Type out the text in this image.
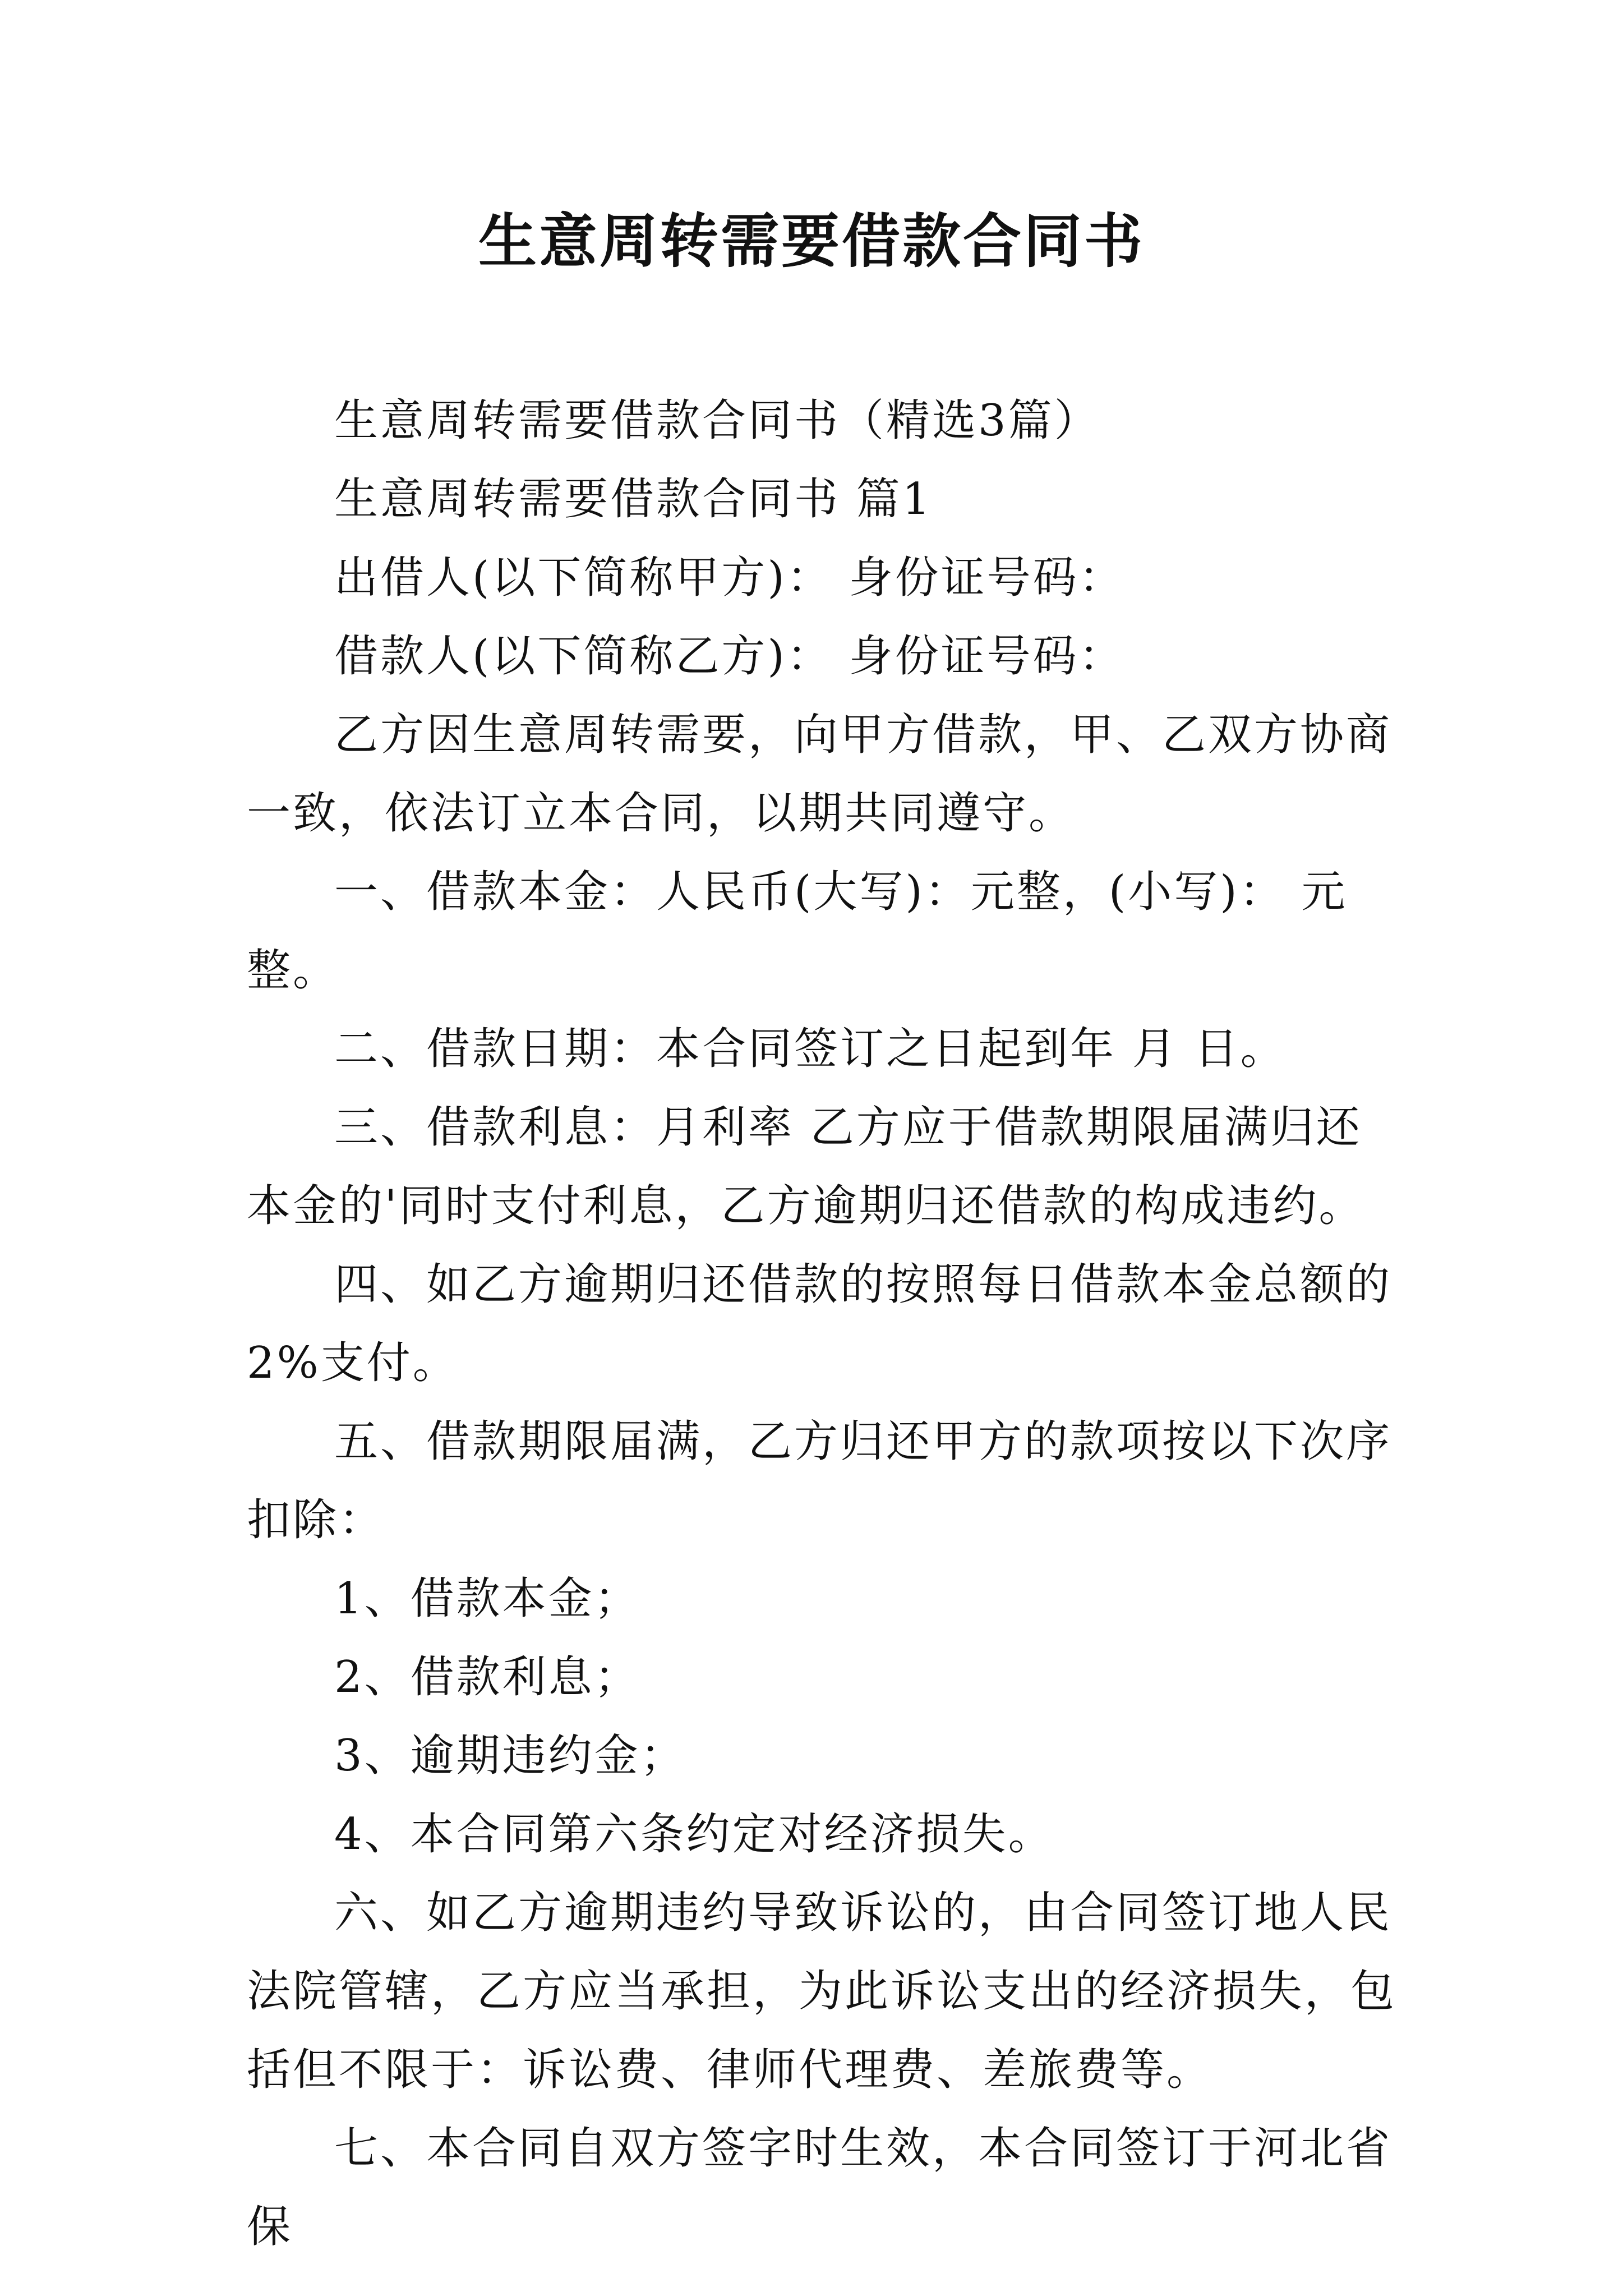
生意周转需要借款合同书

生意周转需要借款合同书（精选3篇）

生意周转需要借款合同书 篇1

出借人(以下简称甲方)： 身份证号码：

借款人(以下简称乙方)： 身份证号码：

乙方因生意周转需要，向甲方借款，甲、乙双方协商一致，依法订立本合同，以期共同遵守。

一、借款本金：人民币(大写)：元整，(小写)： 元整。

二、借款日期：本合同签订之日起到年 月 日。

三、借款利息：月利率 乙方应于借款期限届满归还本金的'同时支付利息，乙方逾期归还借款的构成违约。

四、如乙方逾期归还借款的按照每日借款本金总额的2%支付。

五、借款期限届满，乙方归还甲方的款项按以下次序扣除：

1、借款本金；

2、借款利息；

3、逾期违约金；

4、本合同第六条约定对经济损失。

六、如乙方逾期违约导致诉讼的，由合同签订地人民法院管辖，乙方应当承担，为此诉讼支出的经济损失，包括但不限于：诉讼费、律师代理费、差旅费等。

七、本合同自双方签字时生效，本合同签订于河北省保
